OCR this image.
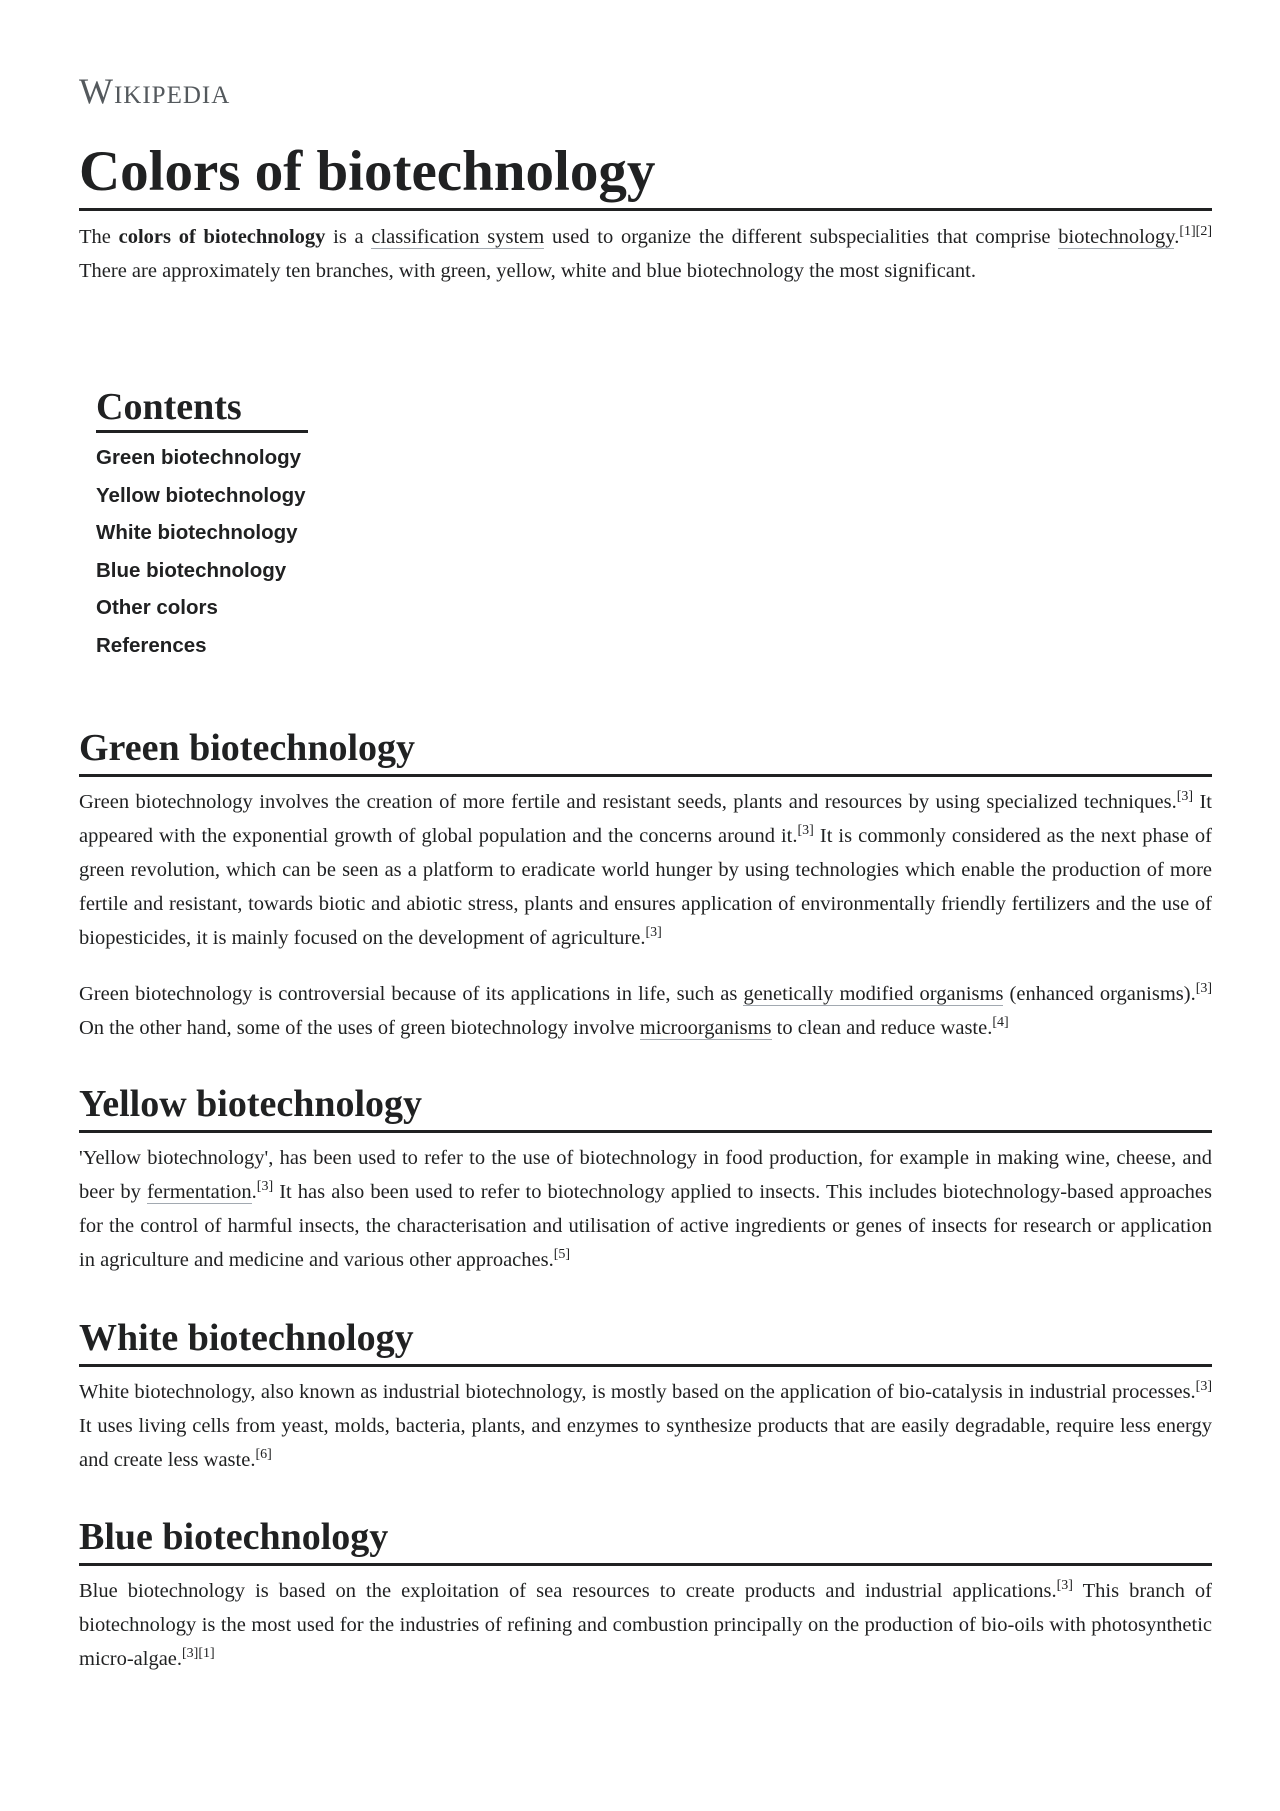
Wikipedia
Colors of biotechnology

The colors of biotechnology is a classification system used to organize the different subspecialities that comprise biotechnology.[1][2] There are approximately ten branches, with green, yellow, white and blue biotechnology the most significant.

Contents
Green biotechnology
Yellow biotechnology
White biotechnology
Blue biotechnology
Other colors
References
Green biotechnology

Green biotechnology involves the creation of more fertile and resistant seeds, plants and resources by using specialized techniques.[3] It appeared with the exponential growth of global population and the concerns around it.[3] It is commonly considered as the next phase of green revolution, which can be seen as a platform to eradicate world hunger by using technologies which enable the production of more fertile and resistant, towards biotic and abiotic stress, plants and ensures application of environmentally friendly fertilizers and the use of biopesticides, it is mainly focused on the development of agriculture.[3]

Green biotechnology is controversial because of its applications in life, such as genetically modified organisms (enhanced organisms).[3] On the other hand, some of the uses of green biotechnology involve microorganisms to clean and reduce waste.[4]

Yellow biotechnology

'Yellow biotechnology', has been used to refer to the use of biotechnology in food production, for example in making wine, cheese, and beer by fermentation.[3] It has also been used to refer to biotechnology applied to insects. This includes biotechnology-based approaches for the control of harmful insects, the characterisation and utilisation of active ingredients or genes of insects for research or application in agriculture and medicine and various other approaches.[5]

White biotechnology

White biotechnology, also known as industrial biotechnology, is mostly based on the application of bio-catalysis in industrial processes.[3] It uses living cells from yeast, molds, bacteria, plants, and enzymes to synthesize products that are easily degradable, require less energy and create less waste.[6]

Blue biotechnology

Blue biotechnology is based on the exploitation of sea resources to create products and industrial applications.[3] This branch of biotechnology is the most used for the industries of refining and combustion principally on the production of bio-oils with photosynthetic micro-algae.[3][1]
